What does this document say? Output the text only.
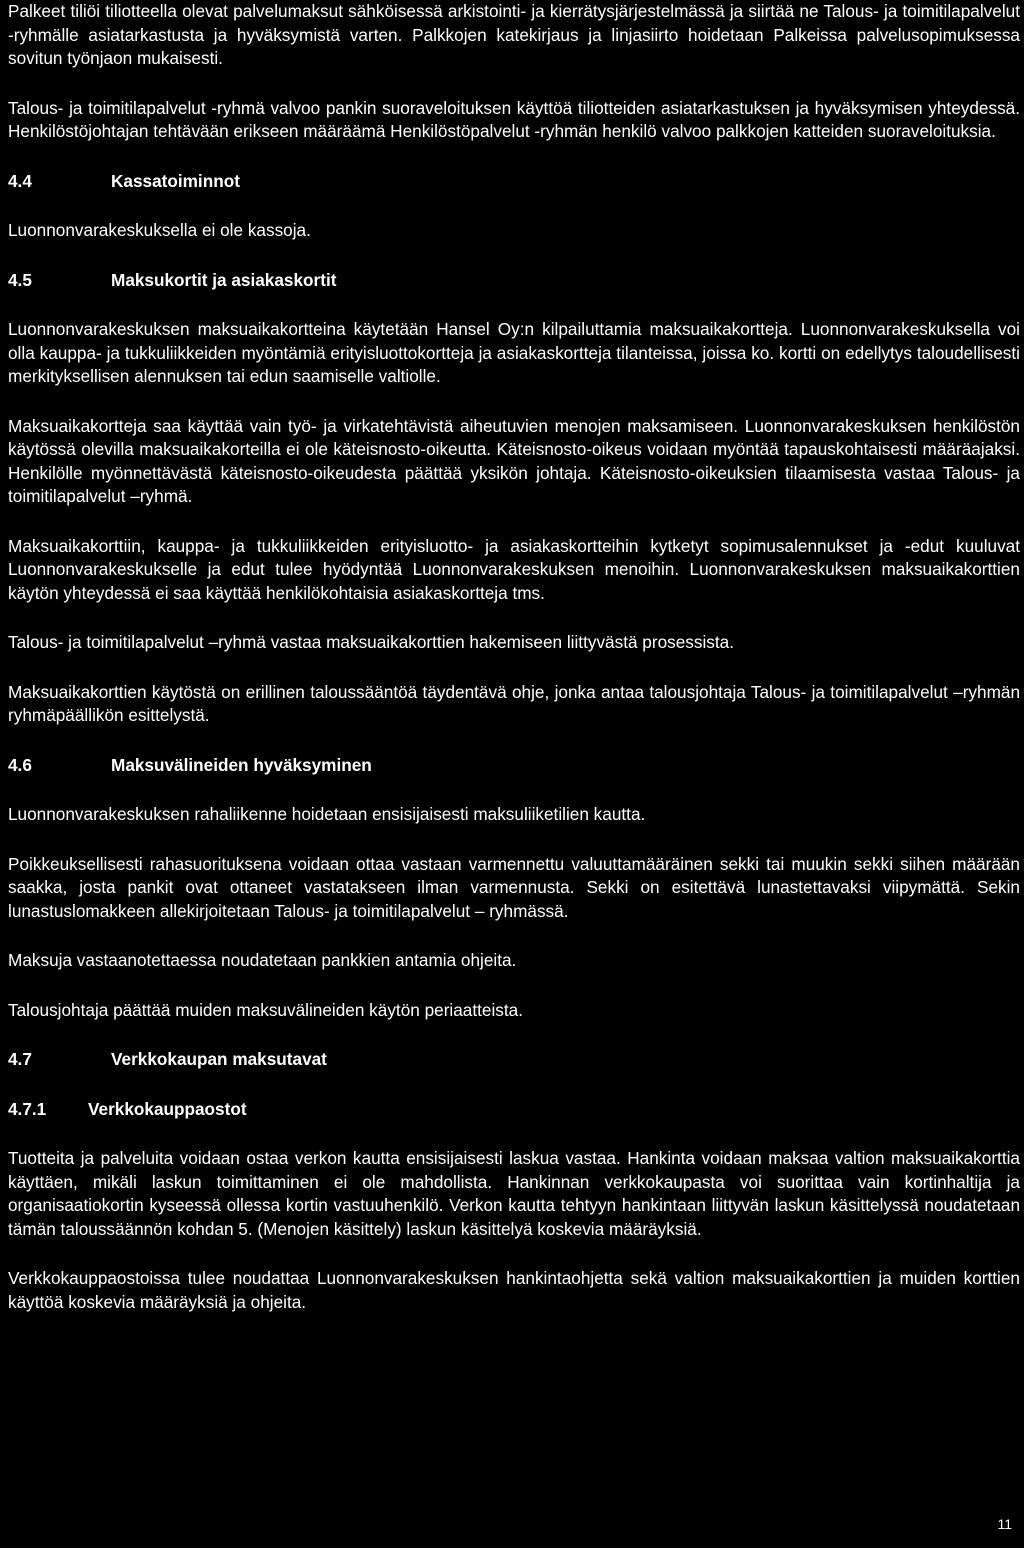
Palkeet tiliöi tiliotteella olevat palvelumaksut sähköisessä arkistointi- ja kierrätysjärjestelmässä ja siirtää ne Talous- ja toimitilapalvelut -ryhmälle asiatarkastusta ja hyväksymistä varten. Palkkojen katekirjaus ja linjasiirto hoidetaan Palkeissa palvelusopimuksessa sovitun työnjaon mukaisesti.

Talous- ja toimitilapalvelut -ryhmä valvoo pankin suoraveloituksen käyttöä tiliotteiden asiatarkastuksen ja hyväksymisen yhteydessä. Henkilöstöjohtajan tehtävään erikseen määräämä Henkilöstöpalvelut -ryhmän henkilö valvoo palkkojen katteiden suoraveloituksia.

4.4	Kassatoiminnot

Luonnonvarakeskuksella ei ole kassoja.

4.5	Maksukortit ja asiakaskortit

Luonnonvarakeskuksen maksuaikakortteina käytetään Hansel Oy:n kilpailuttamia maksuaikakortteja. Luonnonvarakeskuksella voi olla kauppa- ja tukkuliikkeiden myöntämiä erityisluottokortteja ja asiakaskortteja tilanteissa, joissa ko. kortti on edellytys taloudellisesti merkityksellisen alennuksen tai edun saamiselle valtiolle.

Maksuaikakortteja saa käyttää vain työ- ja virkatehtävistä aiheutuvien menojen maksamiseen. Luonnonvarakeskuksen henkilöstön käytössä olevilla maksuaikakorteilla ei ole käteisnosto-oikeutta. Käteisnosto-oikeus voidaan myöntää tapauskohtaisesti määräajaksi. Henkilölle myönnettävästä käteisnosto-oikeudesta päättää yksikön johtaja. Käteisnosto-oikeuksien tilaamisesta vastaa Talous- ja toimitilapalvelut –ryhmä.

Maksuaikakorttiin, kauppa- ja tukkuliikkeiden erityisluotto- ja asiakaskortteihin kytketyt sopimusalennukset ja -edut kuuluvat Luonnonvarakeskukselle ja edut tulee hyödyntää Luonnonvarakeskuksen menoihin. Luonnonvarakeskuksen maksuaikakorttien käytön yhteydessä ei saa käyttää henkilökohtaisia asiakaskortteja tms.

Talous- ja toimitilapalvelut –ryhmä vastaa maksuaikakorttien hakemiseen liittyvästä prosessista.

Maksuaikakorttien käytöstä on erillinen taloussääntöä täydentävä ohje, jonka antaa talousjohtaja Talous- ja toimitilapalvelut –ryhmän ryhmäpäällikön esittelystä.

4.6	Maksuvälineiden hyväksyminen

Luonnonvarakeskuksen rahaliikenne hoidetaan ensisijaisesti maksuliiketilien kautta.

Poikkeuksellisesti rahasuorituksena voidaan ottaa vastaan varmennettu valuuttamääräinen sekki tai muukin sekki siihen määrään saakka, josta pankit ovat ottaneet vastatakseen ilman varmennusta. Sekki on esitettävä lunastettavaksi viipymättä. Sekin lunastuslomakkeen allekirjoitetaan Talous- ja toimitilapalvelut – ryhmässä.

Maksuja vastaanotettaessa noudatetaan pankkien antamia ohjeita.

Talousjohtaja päättää muiden maksuvälineiden käytön periaatteista.

4.7	Verkkokaupan maksutavat
4.7.1	Verkkokauppaostot

Tuotteita ja palveluita voidaan ostaa verkon kautta ensisijaisesti laskua vastaa. Hankinta voidaan maksaa valtion maksuaikakorttia käyttäen, mikäli laskun toimittaminen ei ole mahdollista. Hankinnan verkkokaupasta voi suorittaa vain kortinhaltija ja organisaatiokortin kyseessä ollessa kortin vastuuhenkilö. Verkon kautta tehtyyn hankintaan liittyvän laskun käsittelyssä noudatetaan tämän taloussäännön kohdan 5. (Menojen käsittely) laskun käsittelyä koskevia määräyksiä.

Verkkokauppaostoissa tulee noudattaa Luonnonvarakeskuksen hankintaohjetta sekä valtion maksuaikakorttien ja muiden korttien käyttöä koskevia määräyksiä ja ohjeita.

11
